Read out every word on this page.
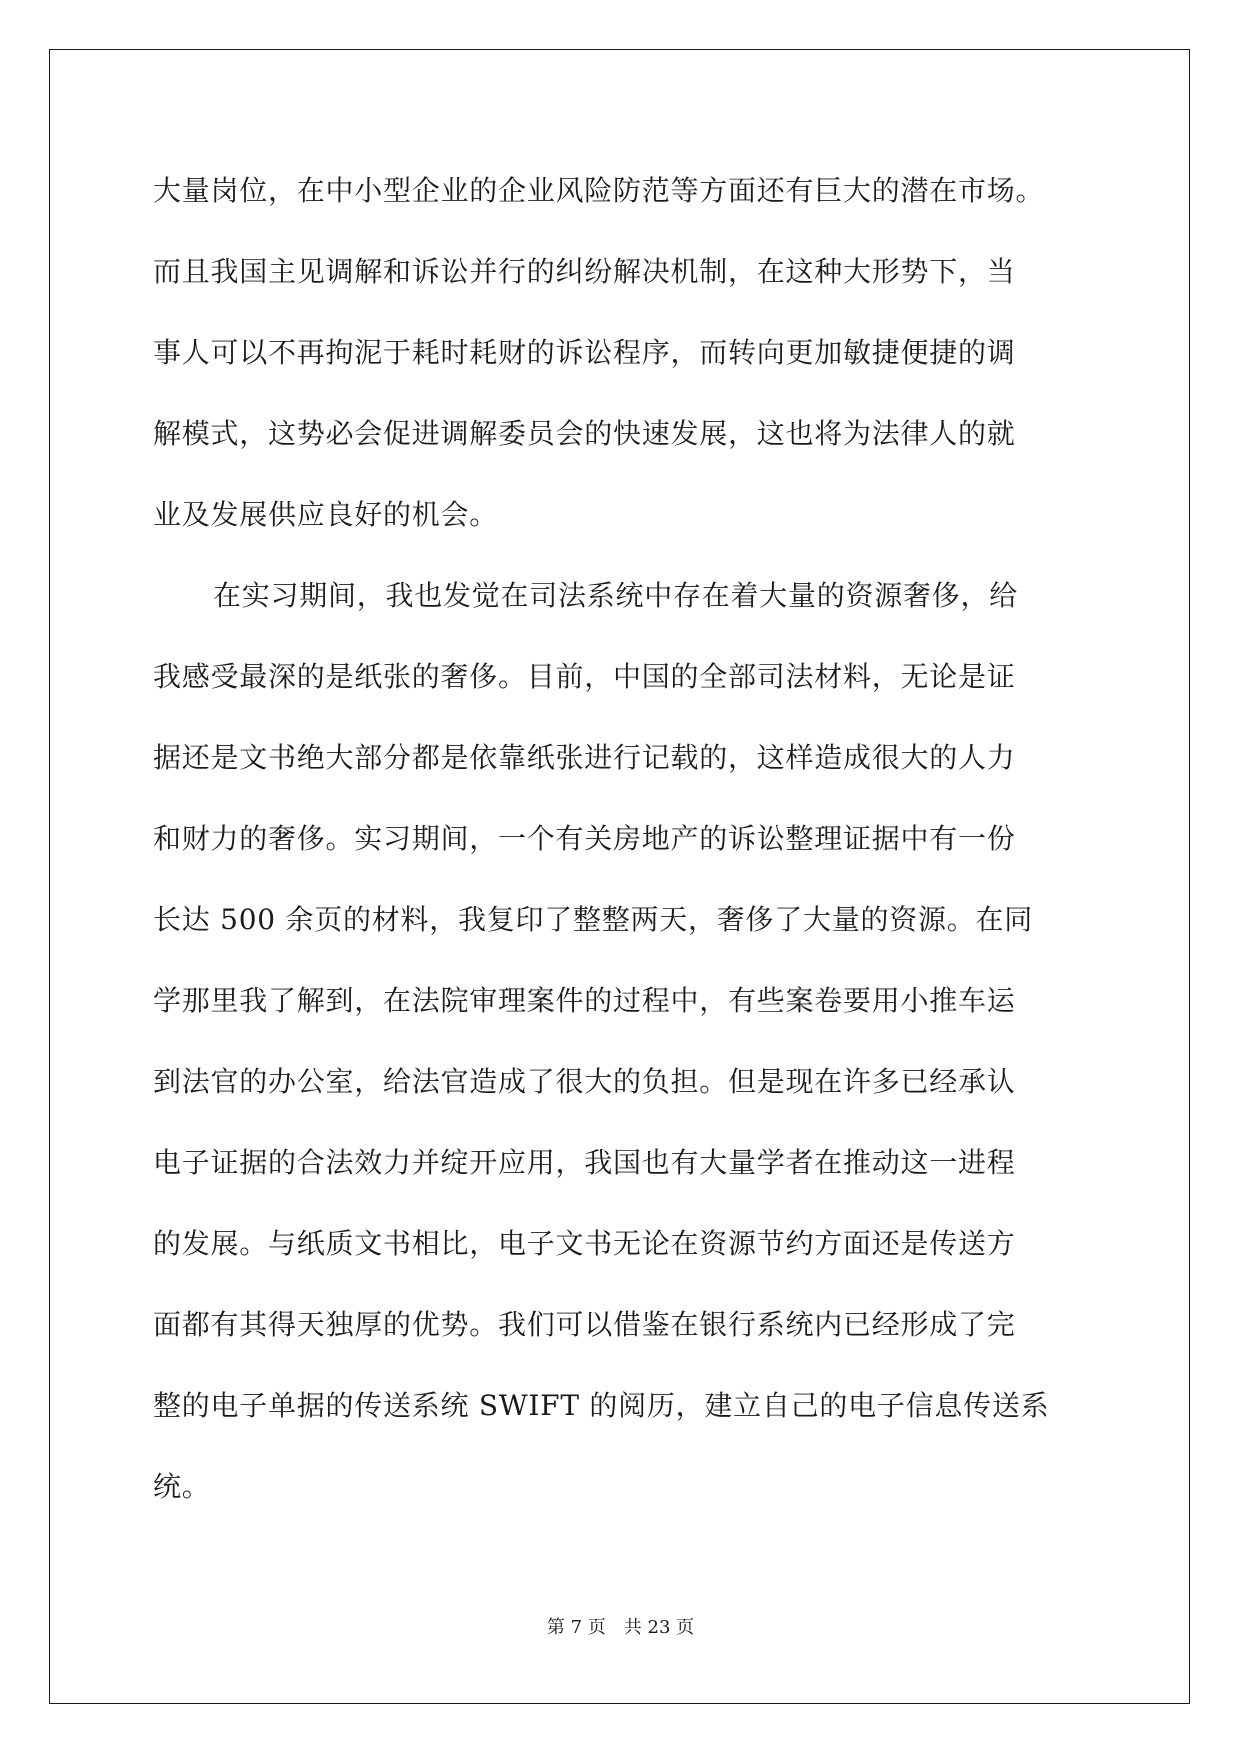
大量岗位，在中小型企业的企业风险防范等方面还有巨大的潜在市场。
而且我国主见调解和诉讼并行的纠纷解决机制，在这种大形势下，当
事人可以不再拘泥于耗时耗财的诉讼程序，而转向更加敏捷便捷的调
解模式，这势必会促进调解委员会的快速发展，这也将为法律人的就
业及发展供应良好的机会。
在实习期间，我也发觉在司法系统中存在着大量的资源奢侈，给
我感受最深的是纸张的奢侈。目前，中国的全部司法材料，无论是证
据还是文书绝大部分都是依靠纸张进行记载的，这样造成很大的人力
和财力的奢侈。实习期间，一个有关房地产的诉讼整理证据中有一份
长达 500 余页的材料，我复印了整整两天，奢侈了大量的资源。在同
学那里我了解到，在法院审理案件的过程中，有些案卷要用小推车运
到法官的办公室，给法官造成了很大的负担。但是现在许多已经承认
电子证据的合法效力并绽开应用，我国也有大量学者在推动这一进程
的发展。与纸质文书相比，电子文书无论在资源节约方面还是传送方
面都有其得天独厚的优势。我们可以借鉴在银行系统内已经形成了完
整的电子单据的传送系统 SWIFT 的阅历，建立自己的电子信息传送系
统。
第 7 页　共 23 页
